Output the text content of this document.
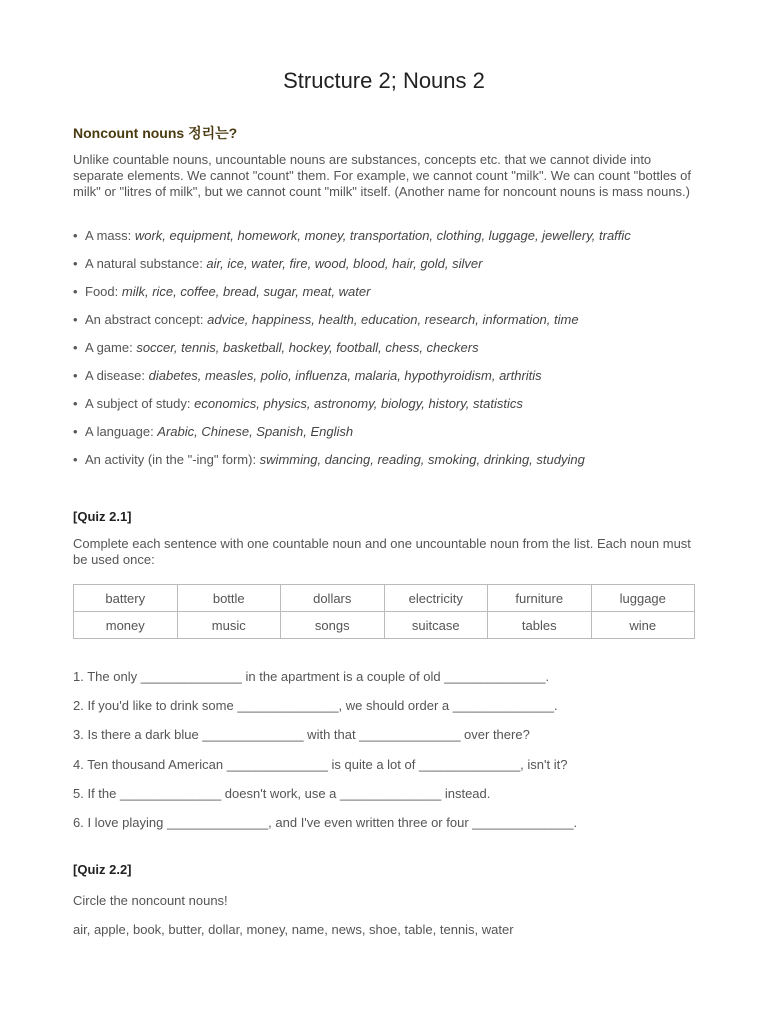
Structure 2; Nouns 2
Noncount nouns 정리는?
Unlike countable nouns, uncountable nouns are substances, concepts etc. that we cannot divide into separate elements. We cannot "count" them. For example, we cannot count "milk". We can count "bottles of milk" or "litres of milk", but we cannot count "milk" itself. (Another name for noncount nouns is mass nouns.)
• A mass: work, equipment, homework, money, transportation, clothing, luggage, jewellery, traffic
• A natural substance: air, ice, water, fire, wood, blood, hair, gold, silver
• Food: milk, rice, coffee, bread, sugar, meat, water
• An abstract concept: advice, happiness, health, education, research, information, time
• A game: soccer, tennis, basketball, hockey, football, chess, checkers
• A disease: diabetes, measles, polio, influenza, malaria, hypothyroidism, arthritis
• A subject of study: economics, physics, astronomy, biology, history, statistics
• A language: Arabic, Chinese, Spanish, English
• An activity (in the "-ing" form): swimming, dancing, reading, smoking, drinking, studying
[Quiz 2.1]
Complete each sentence with one countable noun and one uncountable noun from the list. Each noun must be used once:
battery	bottle	dollars	electricity	furniture	luggage
money	music	songs	suitcase	tables	wine
1. The only ______________ in the apartment is a couple of old ______________.
2. If you'd like to drink some ______________, we should order a ______________.
3. Is there a dark blue ______________ with that ______________ over there?
4. Ten thousand American ______________ is quite a lot of ______________, isn't it?
5. If the ______________ doesn't work, use a ______________ instead.
6. I love playing ______________, and I've even written three or four ______________.
[Quiz 2.2]
Circle the noncount nouns!
air, apple, book, butter, dollar, money, name, news, shoe, table, tennis, water
